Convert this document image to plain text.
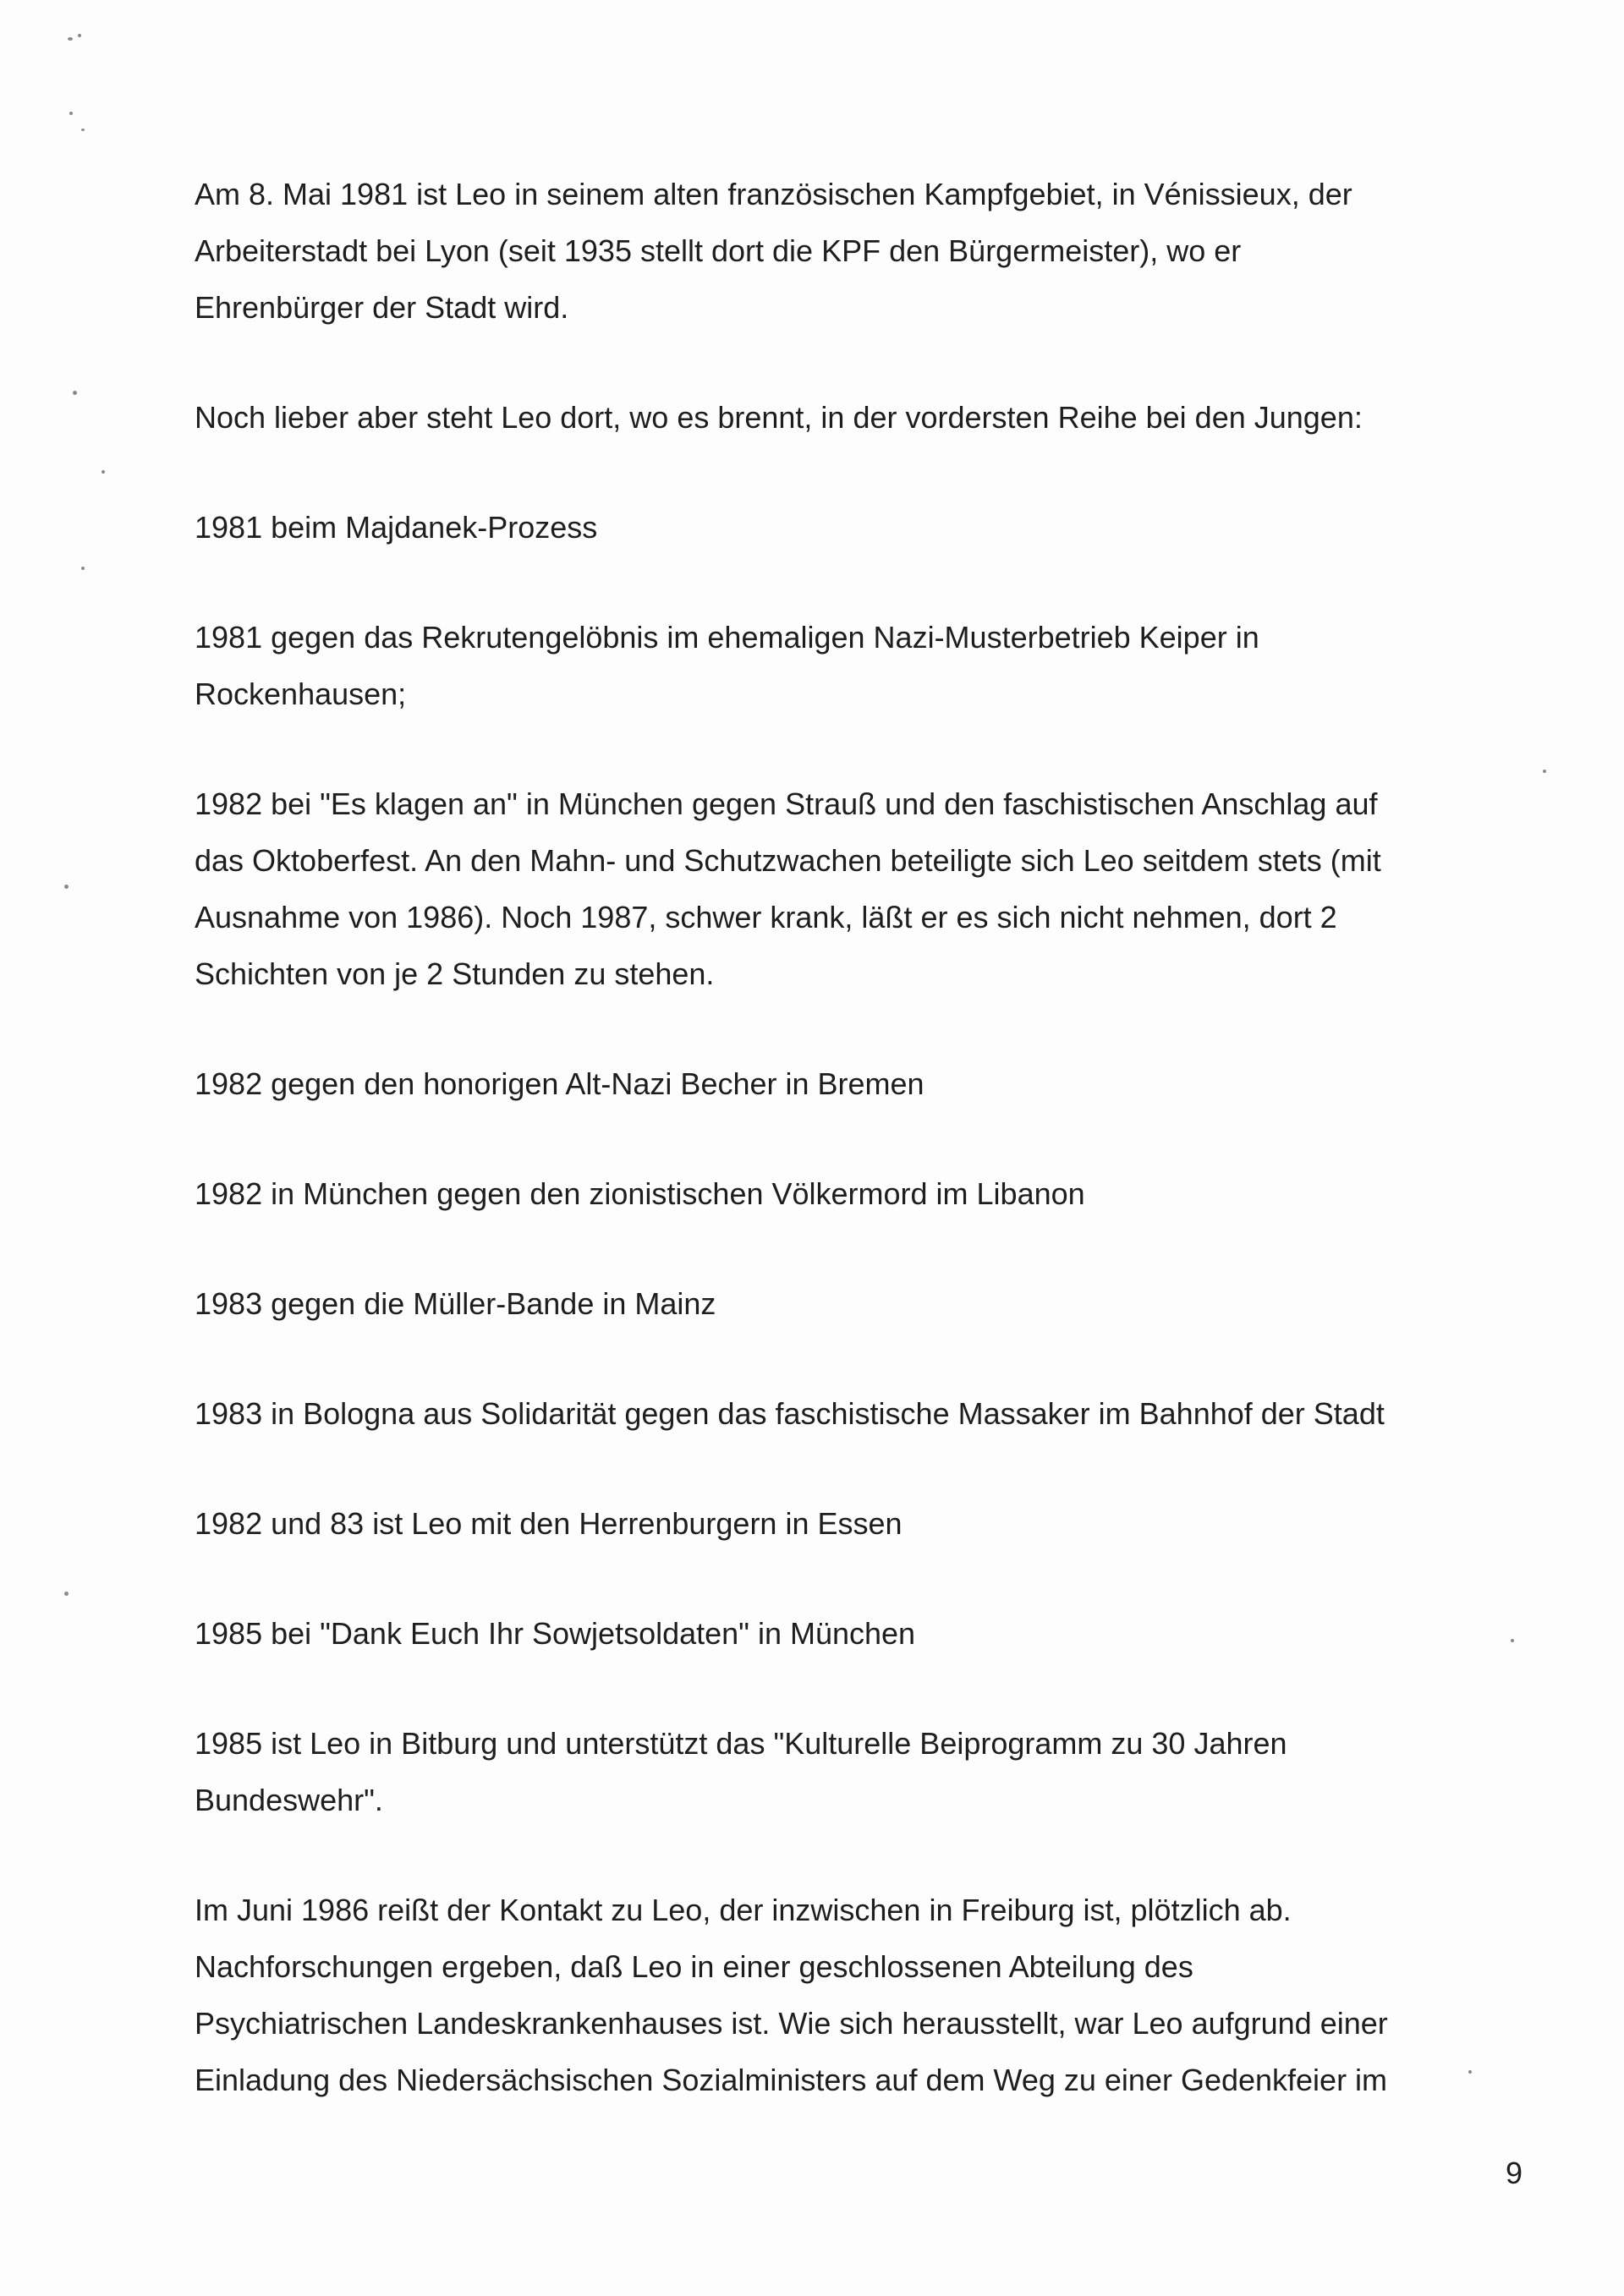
Am 8. Mai 1981 ist Leo in seinem alten französischen Kampfgebiet, in Vénissieux, der
Arbeiterstadt bei Lyon (seit 1935 stellt dort die KPF den Bürgermeister), wo er
Ehrenbürger der Stadt wird.

Noch lieber aber steht Leo dort, wo es brennt, in der vordersten Reihe bei den Jungen:

1981 beim Majdanek-Prozess

1981 gegen das Rekrutengelöbnis im ehemaligen Nazi-Musterbetrieb Keiper in
Rockenhausen;

1982 bei "Es klagen an" in München gegen Strauß und den faschistischen Anschlag auf
das Oktoberfest. An den Mahn- und Schutzwachen beteiligte sich Leo seitdem stets (mit
Ausnahme von 1986). Noch 1987, schwer krank, läßt er es sich nicht nehmen, dort 2
Schichten von je 2 Stunden zu stehen.

1982 gegen den honorigen Alt-Nazi Becher in Bremen

1982 in München gegen den zionistischen Völkermord im Libanon

1983 gegen die Müller-Bande in Mainz

1983 in Bologna aus Solidarität gegen das faschistische Massaker im Bahnhof der Stadt

1982 und 83 ist Leo mit den Herrenburgern in Essen

1985 bei "Dank Euch Ihr Sowjetsoldaten" in München

1985 ist Leo in Bitburg und unterstützt das "Kulturelle Beiprogramm zu 30 Jahren
Bundeswehr".

Im Juni 1986 reißt der Kontakt zu Leo, der inzwischen in Freiburg ist, plötzlich ab.
Nachforschungen ergeben, daß Leo in einer geschlossenen Abteilung des
Psychiatrischen Landeskrankenhauses ist. Wie sich herausstellt, war Leo aufgrund einer
Einladung des Niedersächsischen Sozialministers auf dem Weg zu einer Gedenkfeier im

9
